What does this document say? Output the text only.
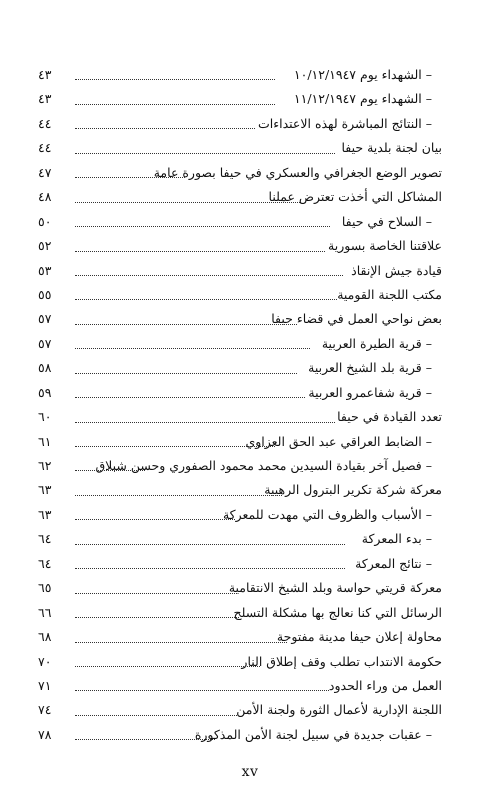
– الشهداء يوم ١٠/١٢/١٩٤٧
٤٣
– الشهداء يوم ١١/١٢/١٩٤٧
٤٣
– النتائج المباشرة لهذه الاعتداءات
٤٤
بيان لجنة بلدية حيفا
٤٤
تصوير الوضع الجغرافي والعسكري في حيفا بصورة عامة
٤٧
المشاكل التي أخذت تعترض عملنا
٤٨
– السلاح في حيفا
٥٠
علاقتنا الخاصة بسورية
٥٢
قيادة جيش الإنقاذ
٥٣
مكتب اللجنة القومية
٥٥
بعض نواحي العمل في قضاء حيفا
٥٧
– قرية الطيرة العربية
٥٧
– قرية بلد الشيخ العربية
٥٨
– قرية شفاعمرو العربية
٥٩
تعدد القيادة في حيفا
٦٠
– الضابط العراقي عبد الحق العزاوي
٦١
– فصيل آخر بقيادة السيدين محمد محمود الصفوري وحسن شبلاق
٦٢
معركة شركة تكرير البترول الرهيبة
٦٣
– الأسباب والظروف التي مهدت للمعركة
٦٣
– بدء المعركة
٦٤
– نتائج المعركة
٦٤
معركة قريتي حواسة وبلد الشيخ الانتقامية
٦٥
الرسائل التي كنا نعالج بها مشكلة التسلح
٦٦
محاولة إعلان حيفا مدينة مفتوحة
٦٨
حكومة الانتداب تطلب وقف إطلاق النار
٧٠
العمل من وراء الحدود
٧١
اللجنة الإدارية لأعمال الثورة ولجنة الأمن
٧٤
– عقبات جديدة في سبيل لجنة الأمن المذكورة
٧٨
xv
